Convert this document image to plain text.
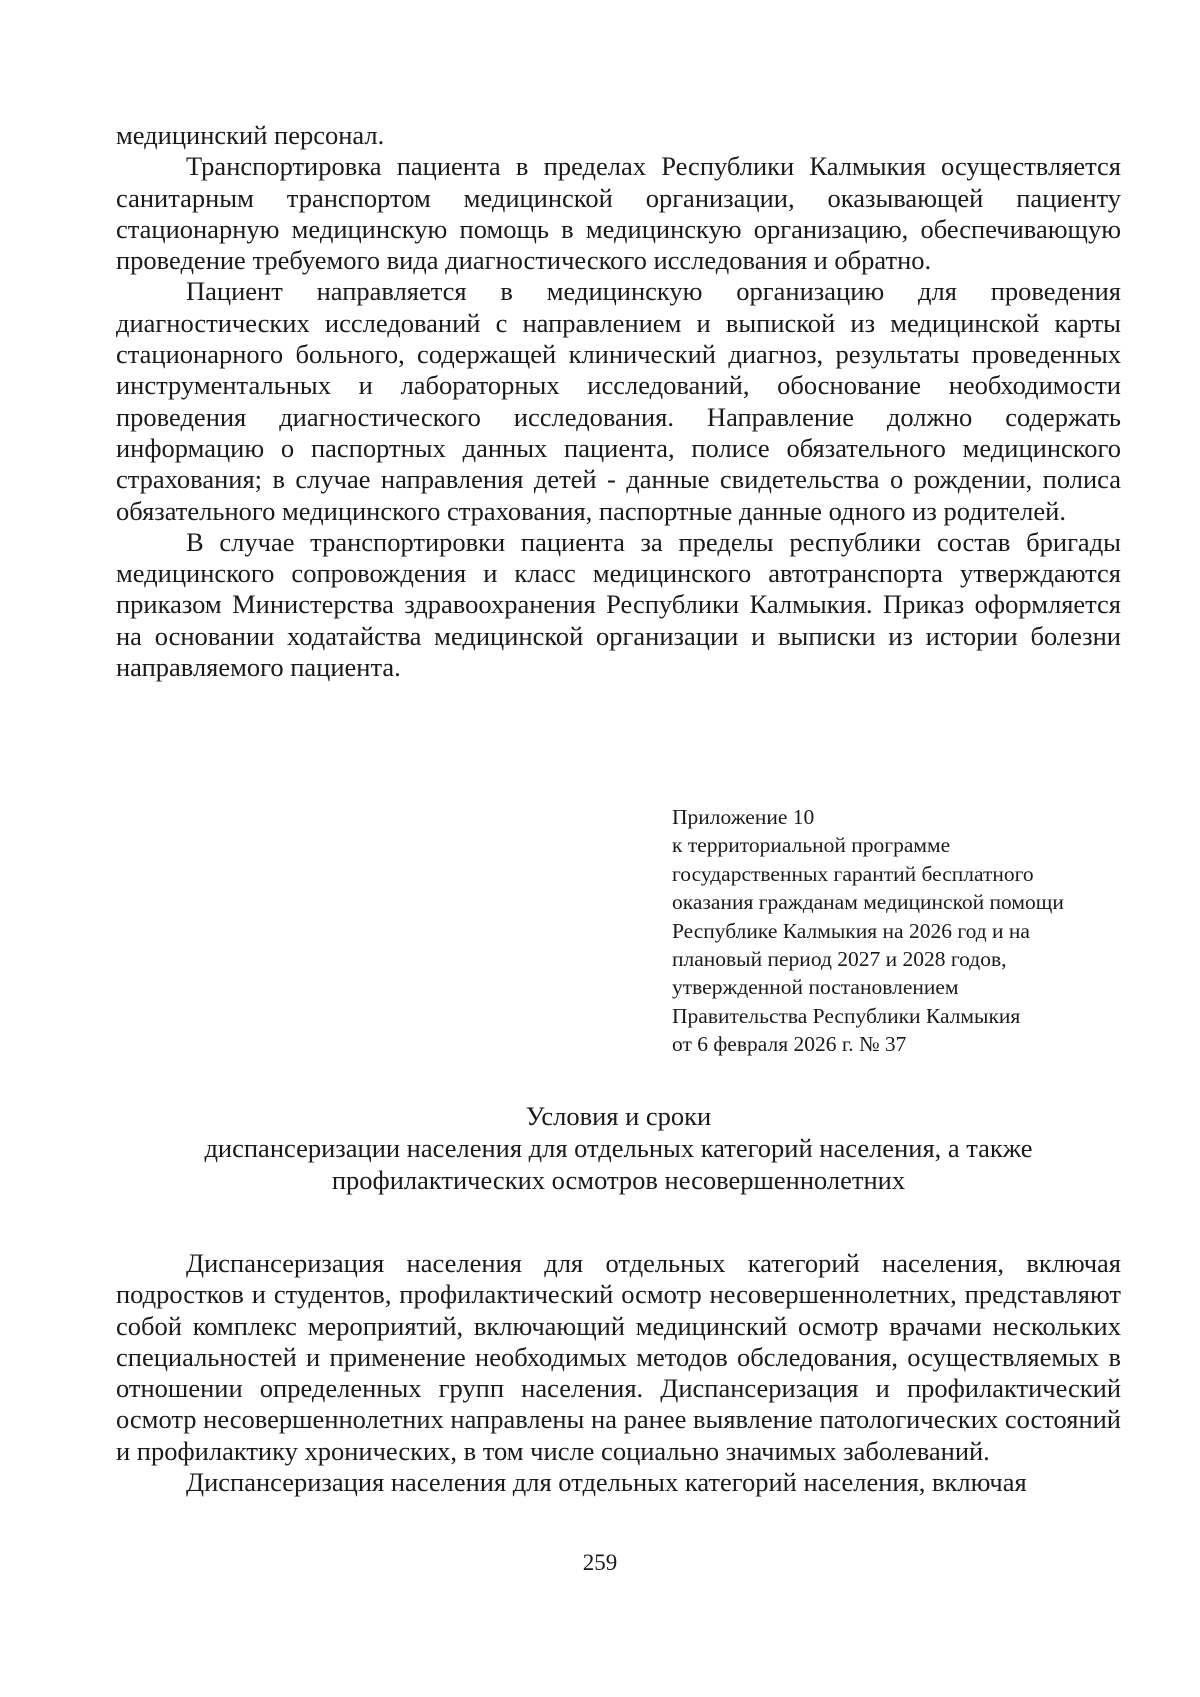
медицинский персонал.

Транспортировка пациента в пределах Республики Калмыкия осуществляется санитарным транспортом медицинской организации, оказывающей пациенту стационарную медицинскую помощь в медицинскую организацию, обеспечивающую проведение требуемого вида диагностического исследования и обратно.

Пациент направляется в медицинскую организацию для проведения диагностических исследований с направлением и выпиской из медицинской карты стационарного больного, содержащей клинический диагноз, результаты проведенных инструментальных и лабораторных исследований, обоснование необходимости проведения диагностического исследования. Направление должно содержать информацию о паспортных данных пациента, полисе обязательного медицинского страхования; в случае направления детей - данные свидетельства о рождении, полиса обязательного медицинского страхования, паспортные данные одного из родителей.

В случае транспортировки пациента за пределы республики состав бригады медицинского сопровождения и класс медицинского автотранспорта утверждаются приказом Министерства здравоохранения Республики Калмыкия. Приказ оформляется на основании ходатайства медицинской организации и выписки из истории болезни направляемого пациента.

Приложение 10
к территориальной программе
государственных гарантий бесплатного
оказания гражданам медицинской помощи
Республике Калмыкия на 2026 год и на
плановый период 2027 и 2028 годов,
утвержденной постановлением
Правительства Республики Калмыкия
от 6 февраля 2026 г. № 37
Условия и сроки
диспансеризации населения для отдельных категорий населения, а также
профилактических осмотров несовершеннолетних

Диспансеризация населения для отдельных категорий населения, включая подростков и студентов, профилактический осмотр несовершеннолетних, представляют собой комплекс мероприятий, включающий медицинский осмотр врачами нескольких специальностей и применение необходимых методов обследования, осуществляемых в отношении определенных групп населения. Диспансеризация и профилактический осмотр несовершеннолетних направлены на ранее выявление патологических состояний и профилактику хронических, в том числе социально значимых заболеваний.

Диспансеризация населения для отдельных категорий населения, включая

259
